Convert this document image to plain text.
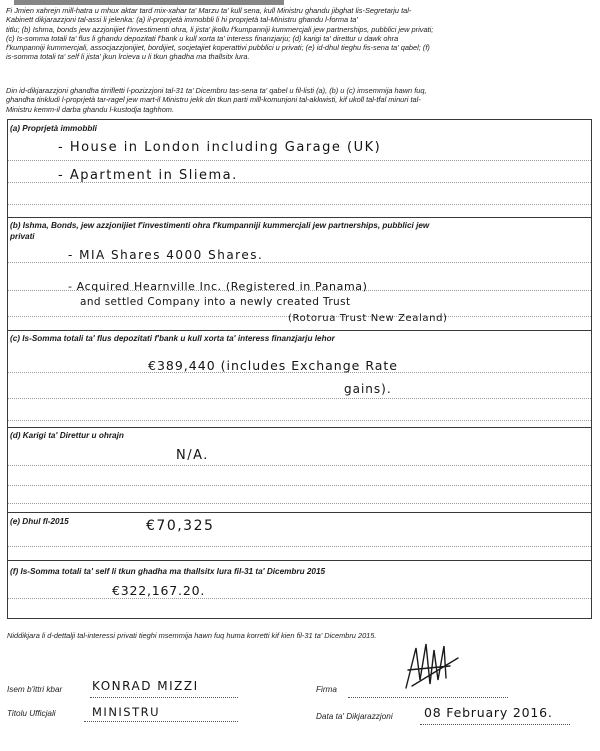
Fi Jmien xahrejn mill-hatra u mhux aktar tard mix-xahar ta' Marzu ta' kull sena, kull Ministru ghandu jibghat lis-Segretarju tal-
Kabinett dikjarazzjoni tal-assi li jelenka: (a) il-proprjetà immobbli li hi proprjetà tal-Ministru ghandu l-forma ta'
titlu; (b) Ishma, bonds jew azzjonijiet f'investimenti ohra, li jista' jkollu f'kumpanniji kummercjali jew partnerships, pubblici jew privati;
(c) Is-somma totali ta' flus li ghandu depozitati f'bank u kull xorta ta' interess finanzjarju; (d) karigi ta' direttur u dawk ohra
f'kumpanniji kummercjali, assocjazzjonijiet, bordijiet, socjetajiet koperattivi pubblici u privati; (e) id-dhul tieghu fis-sena ta' qabel; (f)
is-somma totali ta' self li jista' jkun lrcieva u li tkun ghadha ma thallsitx lura.
Din id-dikjarazzjoni ghandha tirrifletti l-pozizzjoni tal-31 ta' Dicembru tas-sena ta' qabel u fil-listi (a), (b) u (c) imsemmija hawn fuq,
ghandha tinkludi l-proprjetà tar-ragel jew mart-il Ministru jekk din tkun parti mill-komunjoni tal-akkwisti, kif ukoll tal-tfal minuri tal-
Ministru kemm-il darba ghandu l-kustodja taghhom.
(a) Proprjetà immobbli
- House in London including Garage (UK)
- Apartment in Sliema.
(b) Ishma, Bonds, jew azzjonijiet f'investimenti ohra f'kumpanniji kummercjali jew partnerships, pubblici jew
privati
- MIA Shares 4000 Shares.
- Acquired Hearnville Inc. (Registered in Panama)
and settled Company into a newly created Trust
(Rotorua Trust New Zealand)
(c) Is-Somma totali ta' flus depozitati f'bank u kull xorta ta' interess finanzjarju lehor
€389,440 (includes Exchange Rate
gains).
(d) Karigi ta' Direttur u ohrajn
N/A.
(e) Dhul fl-2015	€70,325
(f) Is-Somma totali ta' self li tkun ghadha ma thallsitx lura fil-31 ta' Dicembru 2015
€322,167.20.
Niddikjara li d-dettalji tal-interessi privati tieghi msemmija hawn fuq huma korretti kif kien fil-31 ta' Dicembru 2015.
Isem b'ittri kbar KONRAD MIZZI
Titolu Ufficjali	MINISTRU
Firma
Data ta' Dikjarazzjoni	08 February 2016.
